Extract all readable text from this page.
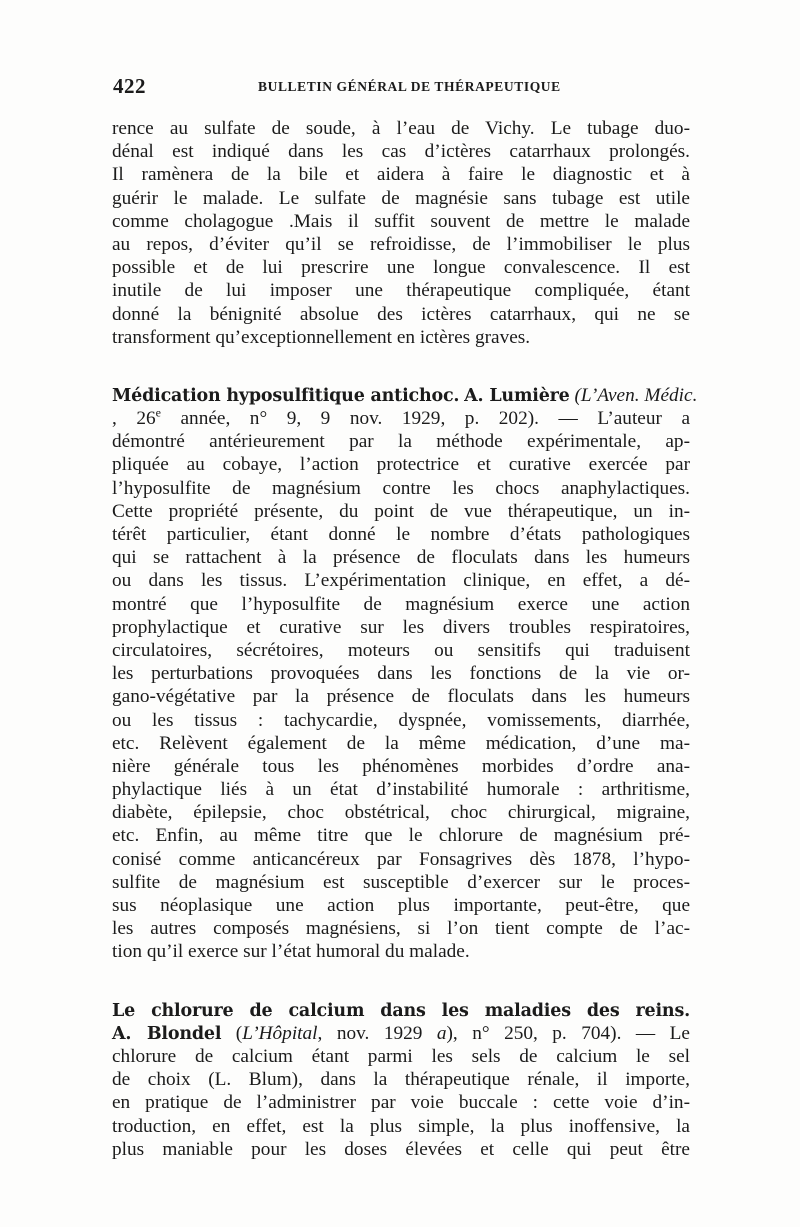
422	BULLETIN GÉNÉRAL DE THÉRAPEUTIQUE
rence au sulfate de soude, à l’eau de Vichy. Le tubage duo-
dénal est indiqué dans les cas d’ictères catarrhaux prolongés.
Il ramènera de la bile et aidera à faire le diagnostic et à
guérir le malade. Le sulfate de magnésie sans tubage est utile
comme cholagogue .Mais il suffit souvent de mettre le malade
au repos, d’éviter qu’il se refroidisse, de l’immobiliser le plus
possible et de lui prescrire une longue convalescence. Il est
inutile de lui imposer une thérapeutique compliquée, étant
donné la bénignité absolue des ictères catarrhaux, qui ne se
transforment qu’exceptionnellement en ictères graves.
Médication hyposulfitique antichoc. A. Lumière (L’Aven. Médic.
, 26e année, n° 9, 9 nov. 1929, p. 202). — L’auteur a
démontré antérieurement par la méthode expérimentale, ap-
pliquée au cobaye, l’action protectrice et curative exercée par
l’hyposulfite de magnésium contre les chocs anaphylactiques.
Cette propriété présente, du point de vue thérapeutique, un in-
térêt particulier, étant donné le nombre d’états pathologiques
qui se rattachent à la présence de floculats dans les humeurs
ou dans les tissus. L’expérimentation clinique, en effet, a dé-
montré que l’hyposulfite de magnésium exerce une action
prophylactique et curative sur les divers troubles respiratoires,
circulatoires, sécrétoires, moteurs ou sensitifs qui traduisent
les perturbations provoquées dans les fonctions de la vie or-
gano-végétative par la présence de floculats dans les humeurs
ou les tissus : tachycardie, dyspnée, vomissements, diarrhée,
etc. Relèvent également de la même médication, d’une ma-
nière générale tous les phénomènes morbides d’ordre ana-
phylactique liés à un état d’instabilité humorale : arthritisme,
diabète, épilepsie, choc obstétrical, choc chirurgical, migraine,
etc. Enfin, au même titre que le chlorure de magnésium pré-
conisé comme anticancéreux par Fonsagrives dès 1878, l’hypo-
sulfite de magnésium est susceptible d’exercer sur le proces-
sus néoplasique une action plus importante, peut-être, que
les autres composés magnésiens, si l’on tient compte de l’ac-
tion qu’il exerce sur l’état humoral du malade.
Le chlorure de calcium dans les maladies des reins.
A. Blondel (L’Hôpital, nov. 1929 a), n° 250, p. 704). — Le
chlorure de calcium étant parmi les sels de calcium le sel
de choix (L. Blum), dans la thérapeutique rénale, il importe,
en pratique de l’administrer par voie buccale : cette voie d’in-
troduction, en effet, est la plus simple, la plus inoffensive, la
plus maniable pour les doses élevées et celle qui peut être
